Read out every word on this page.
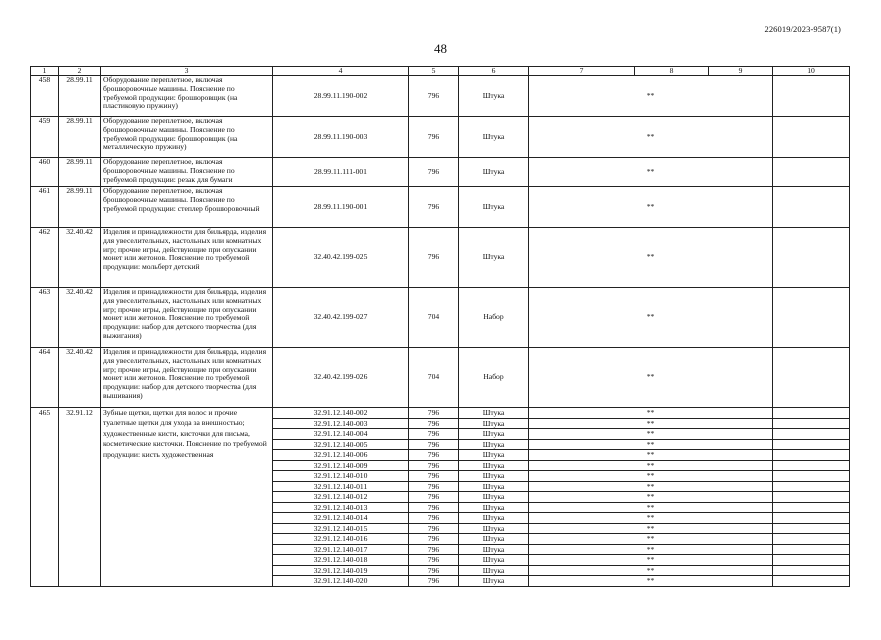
226019/2023-9587(1)
48
1	2	3	4	5	6	7	8	9	10
458	28.99.11	Оборудование переплетное, включая брошюровочные машины. Пояснение по требуемой продукции: брошюровщик (на пластиковую пружину)	28.99.11.190-002	796	Штука	**			
459	28.99.11	Оборудование переплетное, включая брошюровочные машины. Пояснение по требуемой продукции: брошюровщик (на металлическую пружину)	28.99.11.190-003	796	Штука	**			
460	28.99.11	Оборудование переплетное, включая брошюровочные машины. Пояснение по требуемой продукции: резак для бумаги	28.99.11.111-001	796	Штука	**			
461	28.99.11	Оборудование переплетное, включая брошюровочные машины. Пояснение по требуемой продукции: степлер брошюровочный	28.99.11.190-001	796	Штука	**			
462	32.40.42	Изделия и принадлежности для бильярда, изделия для увеселительных, настольных или комнатных игр; прочие игры, действующие при опускании монет или жетонов. Пояснение по требуемой продукции: мольберт детский	32.40.42.199-025	796	Штука	**			
463	32.40.42	Изделия и принадлежности для бильярда, изделия для увеселительных, настольных или комнатных игр; прочие игры, действующие при опускании монет или жетонов. Пояснение по требуемой продукции: набор для детского творчества (для выжигания)	32.40.42.199-027	704	Набор	**			
464	32.40.42	Изделия и принадлежности для бильярда, изделия для увеселительных, настольных или комнатных игр; прочие игры, действующие при опускании монет или жетонов. Пояснение по требуемой продукции: набор для детского творчества (для вышивания)	32.40.42.199-026	704	Набор	**			
465	32.91.12	Зубные щетки, щетки для волос и прочие туалетные щетки для ухода за внешностью; художественные кисти, кисточки для письма, косметические кисточки. Пояснение по требуемой продукции: кисть художественная	32.91.12.140-002	796	Штука	**			
			32.91.12.140-003	796	Штука	**			
			32.91.12.140-004	796	Штука	**			
			32.91.12.140-005	796	Штука	**			
			32.91.12.140-006	796	Штука	**			
			32.91.12.140-009	796	Штука	**			
			32.91.12.140-010	796	Штука	**			
			32.91.12.140-011	796	Штука	**			
			32.91.12.140-012	796	Штука	**			
			32.91.12.140-013	796	Штука	**			
			32.91.12.140-014	796	Штука	**			
			32.91.12.140-015	796	Штука	**			
			32.91.12.140-016	796	Штука	**			
			32.91.12.140-017	796	Штука	**			
			32.91.12.140-018	796	Штука	**			
			32.91.12.140-019	796	Штука	**			
			32.91.12.140-020	796	Штука	**			
